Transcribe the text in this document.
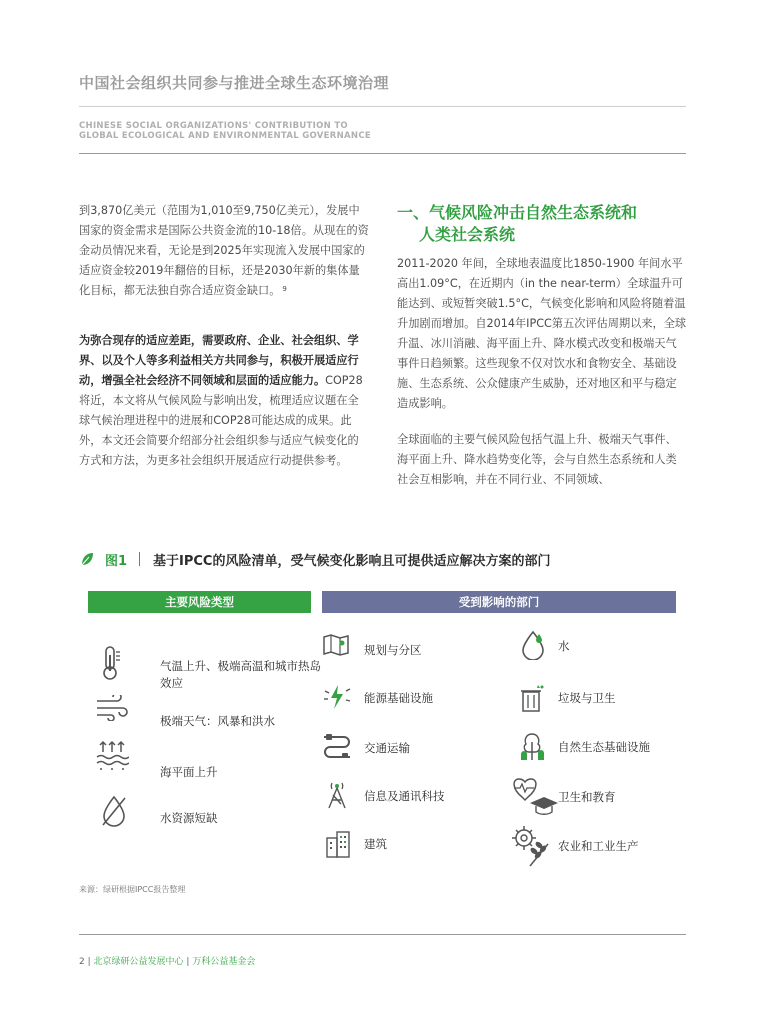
中国社会组织共同参与推进全球生态环境治理
CHINESE SOCIAL ORGANIZATIONS' CONTRIBUTION TO
GLOBAL ECOLOGICAL AND ENVIRONMENTAL GOVERNANCE

到3,870亿美元（范围为1,010至9,750亿美元），发展中国家的资金需求是国际公共资金流的10-18倍。从现在的资金动员情况来看，无论是到2025年实现流入发展中国家的适应资金较2019年翻倍的目标，还是2030年新的集体量化目标，都无法独自弥合适应资金缺口。 $^9$

为弥合现存的适应差距，需要政府、企业、社会组织、学界、以及个人等多利益相关方共同参与，积极开展适应行动，增强全社会经济不同领域和层面的适应能力。COP28将近，本文将从气候风险与影响出发，梳理适应议题在全球气候治理进程中的进展和COP28可能达成的成果。此外，本文还会简要介绍部分社会组织参与适应气候变化的方式和方法，为更多社会组织开展适应行动提供参考。

一、气候风险冲击自然生态系统和
人类社会系统

2011-2020 年间，全球地表温度比1850-1900 年间水平高出1.09°C，在近期内（in the near-term）全球温升可能达到、或短暂突破1.5°C，气候变化影响和风险将随着温升加剧而增加。自2014年IPCC第五次评估周期以来，全球升温、冰川消融、海平面上升、降水模式改变和极端天气事件日趋频繁。这些现象不仅对饮水和食物安全、基础设施、生态系统、公众健康产生威胁，还对地区和平与稳定造成影响。

全球面临的主要气候风险包括气温上升、极端天气事件、海平面上升、降水趋势变化等，会与自然生态系统和人类社会互相影响，并在不同行业、不同领域、

图1 基于IPCC的风险清单，受气候变化影响且可提供适应解决方案的部门
主要风险类型	受到影响的部门
气温上升、极端高温和城市热岛效应
极端天气：风暴和洪水
海平面上升
水资源短缺
规划与分区
能源基础设施
交通运输
信息及通讯科技
建筑
水
垃圾与卫生
自然生态基础设施
卫生和教育
农业和工业生产
来源：绿研根据IPCC报告整理
2 | 北京绿研公益发展中心 | 万科公益基金会
